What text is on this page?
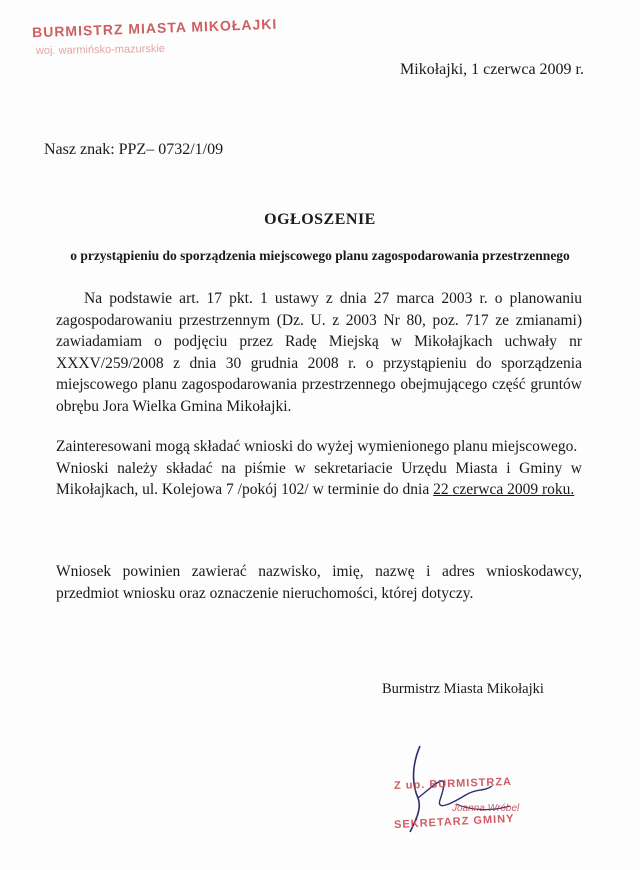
BURMISTRZ MIASTA MIKOŁAJKI
woj. warmińsko-mazurskie
Mikołajki, 1 czerwca 2009 r.
Nasz znak: PPZ– 0732/1/09
OGŁOSZENIE
o przystąpieniu do sporządzenia miejscowego planu zagospodarowania przestrzennego
Na podstawie art. 17 pkt. 1 ustawy z dnia 27 marca 2003 r. o planowaniu zagospodarowaniu przestrzennym (Dz. U. z 2003 Nr 80, poz. 717 ze zmianami) zawiadamiam o podjęciu przez Radę Miejską w Mikołajkach uchwały nr XXXV/259/2008 z dnia 30 grudnia 2008 r. o przystąpieniu do sporządzenia miejscowego planu zagospodarowania przestrzennego obejmującego część gruntów obrębu Jora Wielka Gmina Mikołajki.
Zainteresowani mogą składać wnioski do wyżej wymienionego planu miejscowego.
Wnioski należy składać na piśmie w sekretariacie Urzędu Miasta i Gminy w Mikołajkach, ul. Kolejowa 7 /pokój 102/ w terminie do dnia 22 czerwca 2009 roku.
Wniosek powinien zawierać nazwisko, imię, nazwę i adres wnioskodawcy, przedmiot wniosku oraz oznaczenie nieruchomości, której dotyczy.
Burmistrz Miasta Mikołajki
Z up. BURMISTRZA
Joanna Wróbel
SEKRETARZ GMINY
